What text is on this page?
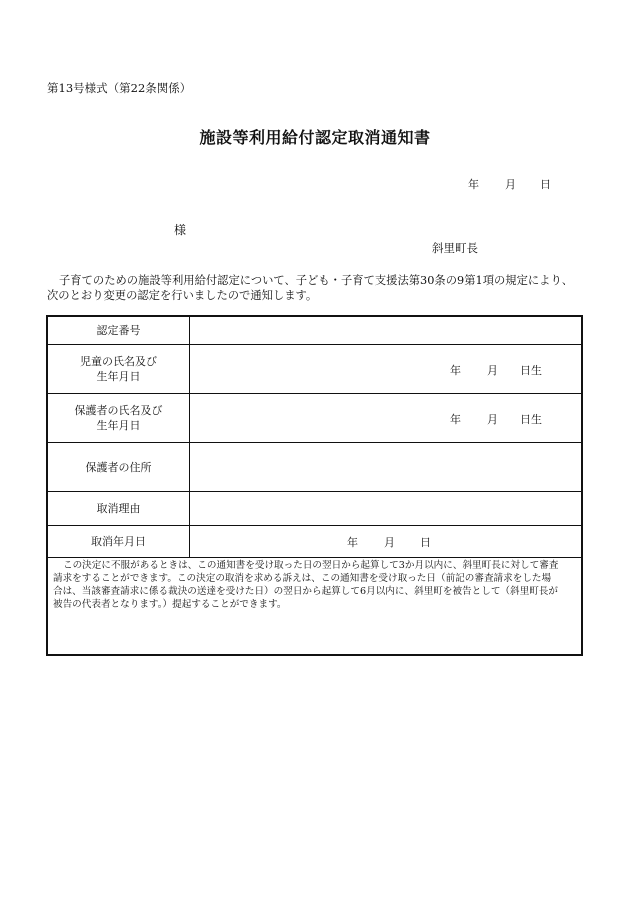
第13号様式（第22条関係）
施設等利用給付認定取消通知書
年 月 日
様
斜里町長
子育てのための施設等利用給付認定について、子ども・子育て支援法第30条の9第1項の規定により、
次のとおり変更の認定を行いましたので通知します。
認定番号
児童の氏名及び
生年月日	年 月 日生
保護者の氏名及び
生年月日	年 月 日生
保護者の住所
取消理由
取消年月日	年 月 日
この決定に不服があるときは、この通知書を受け取った日の翌日から起算して3か月以内に、斜里町長に対して審査
請求をすることができます。この決定の取消を求める訴えは、この通知書を受け取った日（前記の審査請求をした場
合は、当該審査請求に係る裁決の送達を受けた日）の翌日から起算して6月以内に、斜里町を被告として（斜里町長が
被告の代表者となります。）提起することができます。
